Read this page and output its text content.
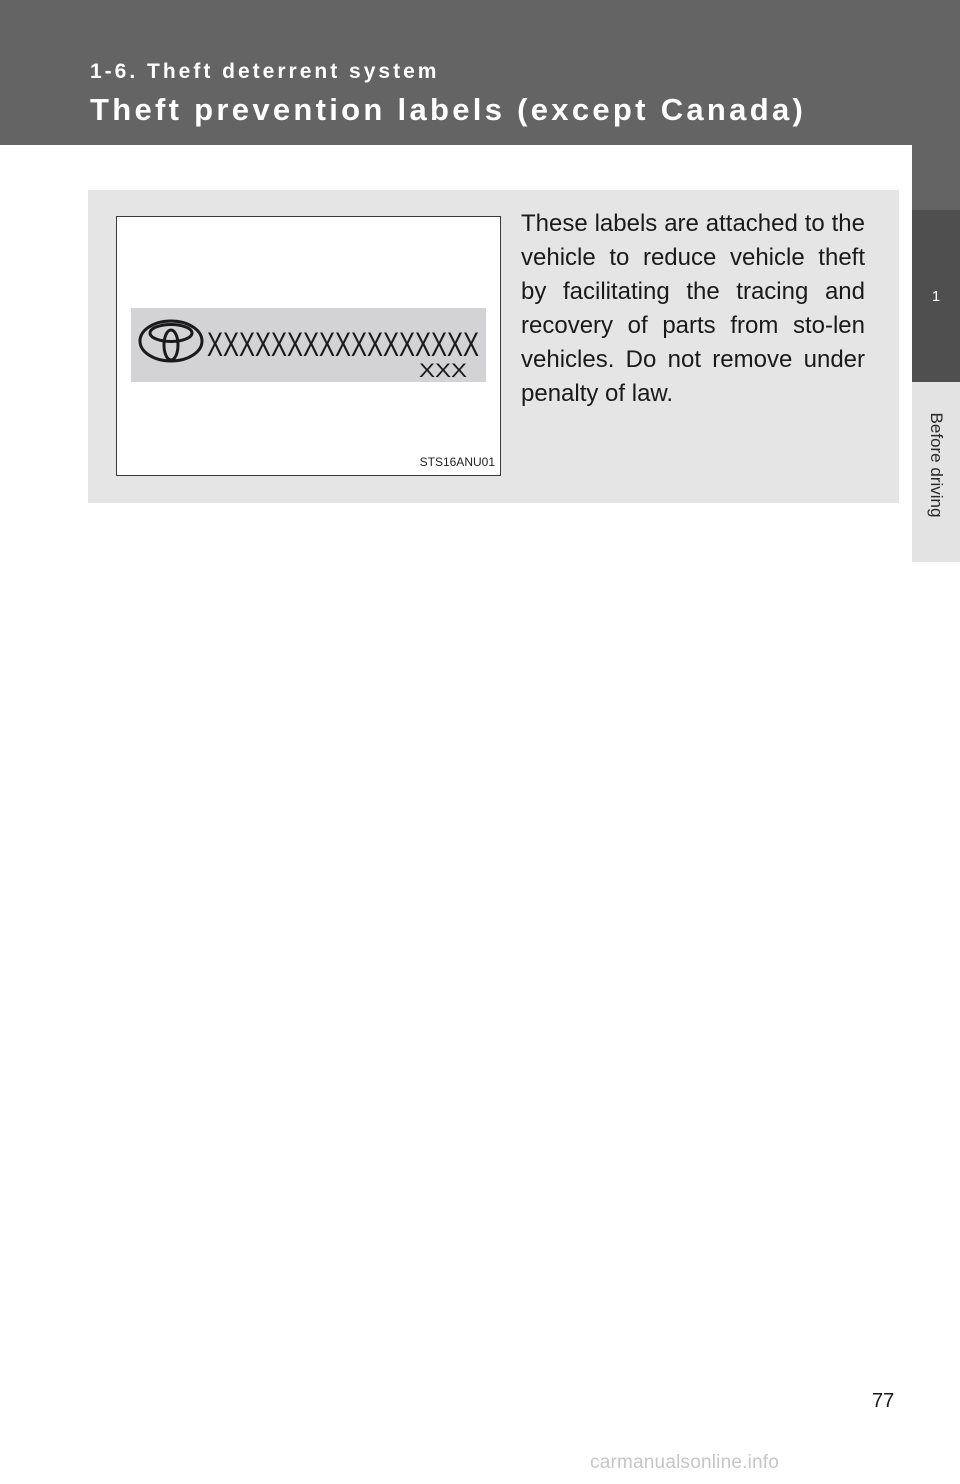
1-6. Theft deterrent system
Theft prevention labels (except Canada)
1
Before driving
XXXXXXXXXXXXXXXXX
XXX
STS16ANU01
These labels are attached to the vehicle to reduce vehicle theft by facilitating the tracing and recovery of parts from sto-len vehicles. Do not remove under penalty of law.
77
carmanualsonline.info
